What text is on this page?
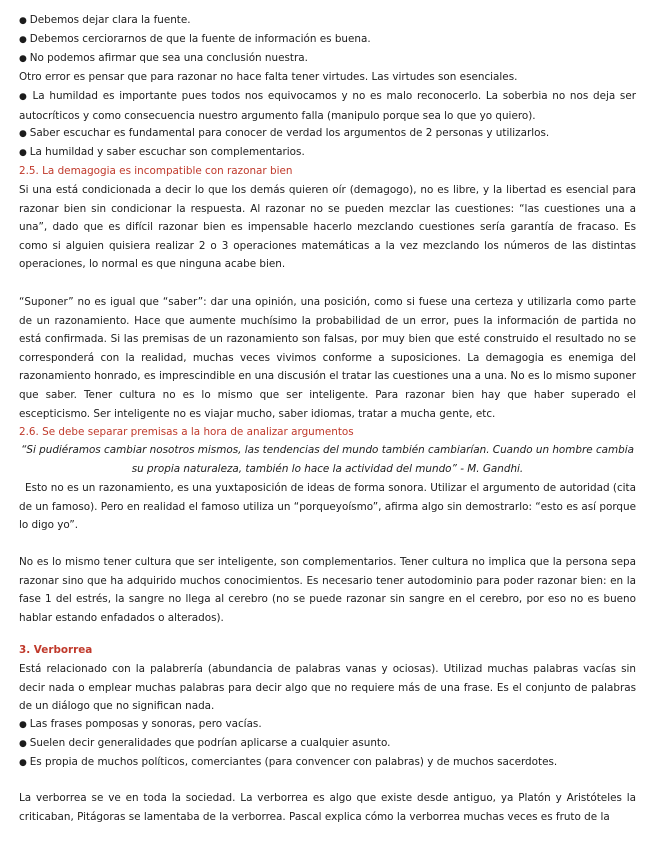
● Debemos dejar clara la fuente.

● Debemos cerciorarnos de que la fuente de información es buena.

● No podemos afirmar que sea una conclusión nuestra.

Otro error es pensar que para razonar no hace falta tener virtudes. Las virtudes son esenciales.

● La humildad es importante pues todos nos equivocamos y no es malo reconocerlo. La soberbia no nos deja ser autocríticos y como consecuencia nuestro argumento falla (manipulo porque sea lo que yo quiero).

● Saber escuchar es fundamental para conocer de verdad los argumentos de 2 personas y utilizarlos.

● La humildad y saber escuchar son complementarios.

2.5. La demagogia es incompatible con razonar bien

Si una está condicionada a decir lo que los demás quieren oír (demagogo), no es libre, y la libertad es esencial para razonar bien sin condicionar la respuesta. Al razonar no se pueden mezclar las cuestiones: “las cuestiones una a una”, dado que es difícil razonar bien es impensable hacerlo mezclando cuestiones sería garantía de fracaso. Es como si alguien quisiera realizar 2 o 3 operaciones matemáticas a la vez mezclando los números de las distintas operaciones, lo normal es que ninguna acabe bien.

“Suponer” no es igual que “saber”: dar una opinión, una posición, como si fuese una certeza y utilizarla como parte de un razonamiento. Hace que aumente muchísimo la probabilidad de un error, pues la información de partida no está confirmada. Si las premisas de un razonamiento son falsas, por muy bien que esté construido el resultado no se corresponderá con la realidad, muchas veces vivimos conforme a suposiciones. La demagogia es enemiga del razonamiento honrado, es imprescindible en una discusión el tratar las cuestiones una a una. No es lo mismo suponer que saber. Tener cultura no es lo mismo que ser inteligente. Para razonar bien hay que haber superado el escepticismo. Ser inteligente no es viajar mucho, saber idiomas, tratar a mucha gente, etc.

2.6. Se debe separar premisas a la hora de analizar argumentos

“Si pudiéramos cambiar nosotros mismos, las tendencias del mundo también cambiarían. Cuando un hombre cambia su propia naturaleza, también lo hace la actividad del mundo” - M. Gandhi.

Esto no es un razonamiento, es una yuxtaposición de ideas de forma sonora. Utilizar el argumento de autoridad (cita de un famoso). Pero en realidad el famoso utiliza un “porqueyoísmo”, afirma algo sin demostrarlo: “esto es así porque lo digo yo”.

No es lo mismo tener cultura que ser inteligente, son complementarios. Tener cultura no implica que la persona sepa razonar sino que ha adquirido muchos conocimientos. Es necesario tener autodominio para poder razonar bien: en la fase 1 del estrés, la sangre no llega al cerebro (no se puede razonar sin sangre en el cerebro, por eso no es bueno hablar estando enfadados o alterados).

3. Verborrea

Está relacionado con la palabrería (abundancia de palabras vanas y ociosas). Utilizad muchas palabras vacías sin decir nada o emplear muchas palabras para decir algo que no requiere más de una frase. Es el conjunto de palabras de un diálogo que no significan nada.

● Las frases pomposas y sonoras, pero vacías.

● Suelen decir generalidades que podrían aplicarse a cualquier asunto.

● Es propia de muchos políticos, comerciantes (para convencer con palabras) y de muchos sacerdotes.

La verborrea se ve en toda la sociedad. La verborrea es algo que existe desde antiguo, ya Platón y Aristóteles la criticaban, Pitágoras se lamentaba de la verborrea. Pascal explica cómo la verborrea muchas veces es fruto de la
